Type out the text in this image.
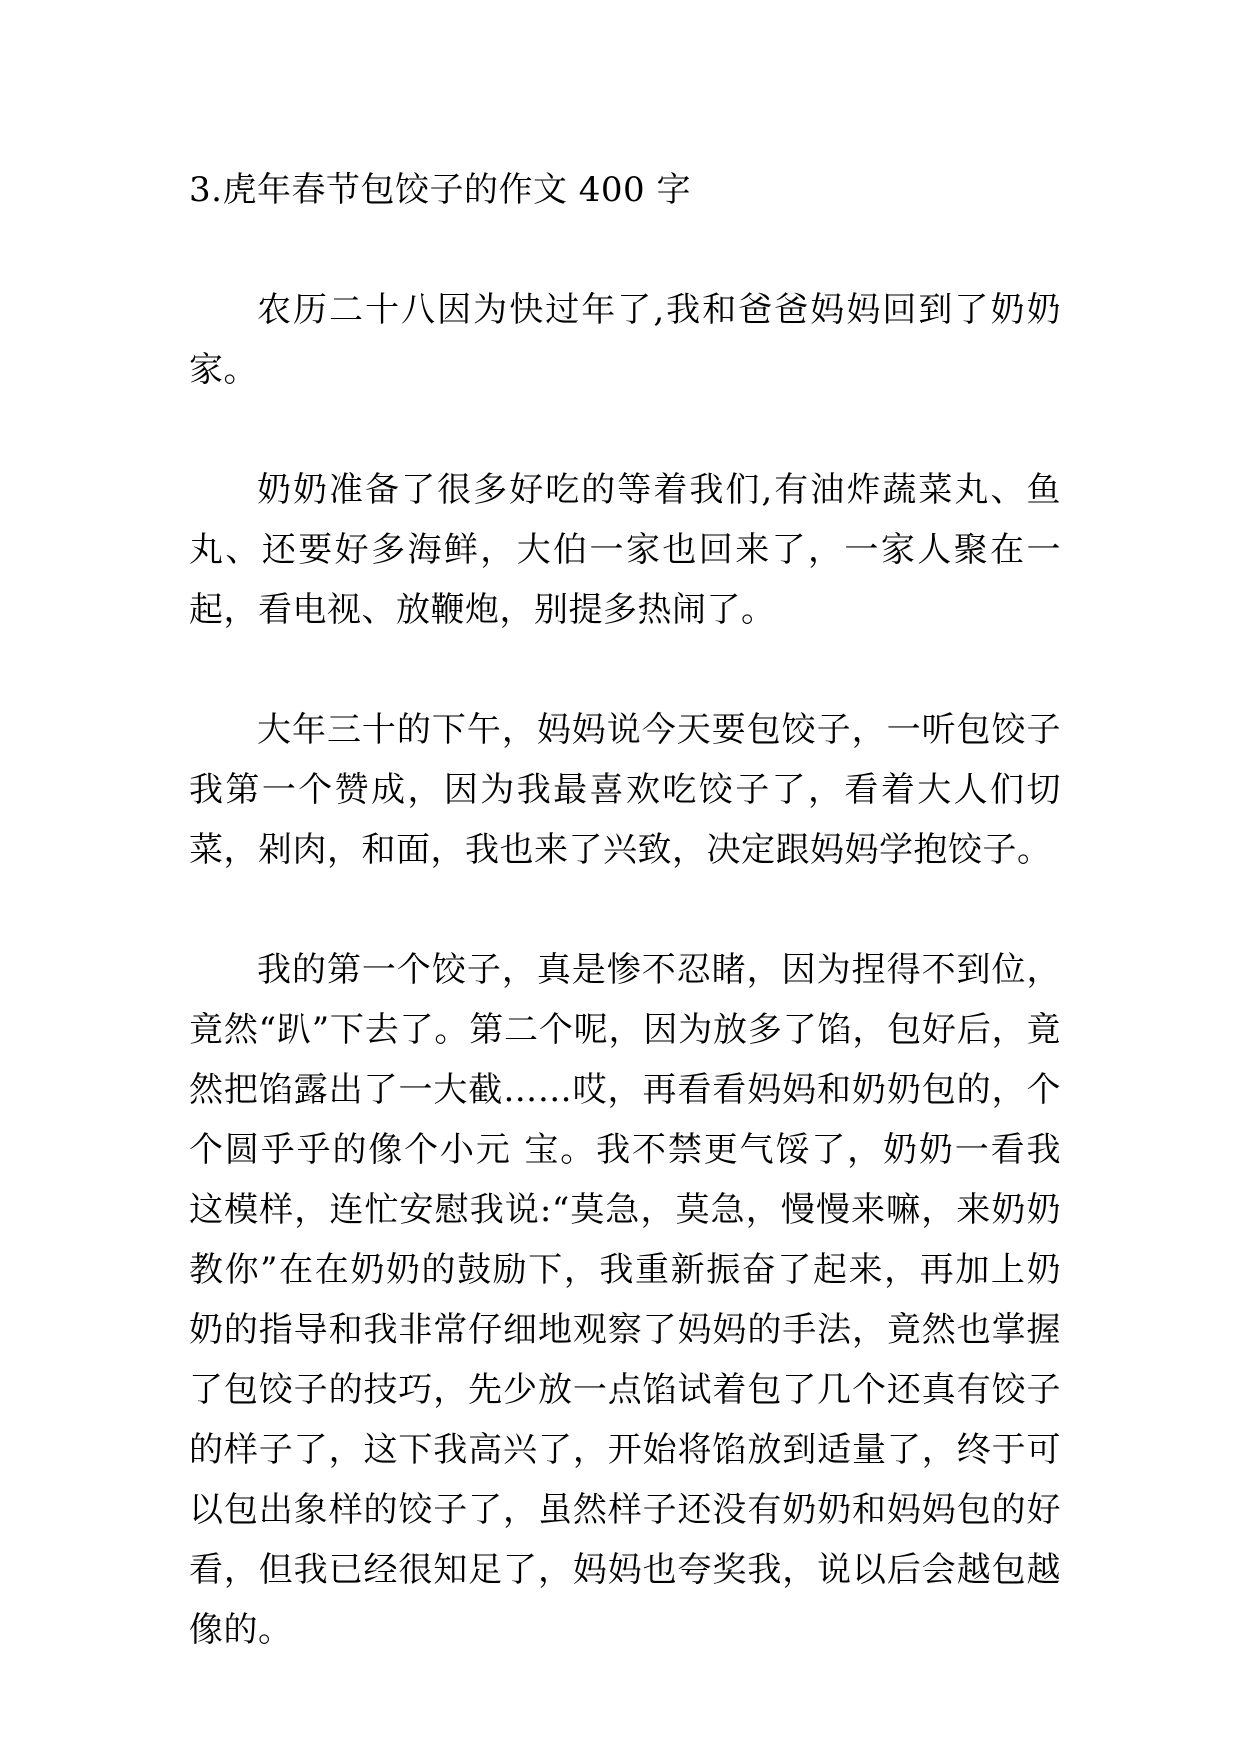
3.虎年春节包饺子的作文 400 字

农历二十八因为快过年了,我和爸爸妈妈回到了奶奶家。

奶奶准备了很多好吃的等着我们,有油炸蔬菜丸、鱼丸、还要好多海鲜，大伯一家也回来了，一家人聚在一起，看电视、放鞭炮，别提多热闹了。

大年三十的下午，妈妈说今天要包饺子，一听包饺子我第一个赞成，因为我最喜欢吃饺子了，看着大人们切菜，剁肉，和面，我也来了兴致，决定跟妈妈学抱饺子。

我的第一个饺子，真是惨不忍睹，因为捏得不到位，竟然“趴”下去了。第二个呢，因为放多了馅，包好后，竟然把馅露出了一大截……哎，再看看妈妈和奶奶包的，个个圆乎乎的像个小元 宝。我不禁更气馁了，奶奶一看我这模样，连忙安慰我说:“莫急，莫急，慢慢来嘛，来奶奶教你”在在奶奶的鼓励下，我重新振奋了起来，再加上奶奶的指导和我非常仔细地观察了妈妈的手法，竟然也掌握了包饺子的技巧，先少放一点馅试着包了几个还真有饺子的样子了，这下我高兴了，开始将馅放到适量了，终于可以包出象样的饺子了，虽然样子还没有奶奶和妈妈包的好看，但我已经很知足了，妈妈也夸奖我，说以后会越包越像的。
